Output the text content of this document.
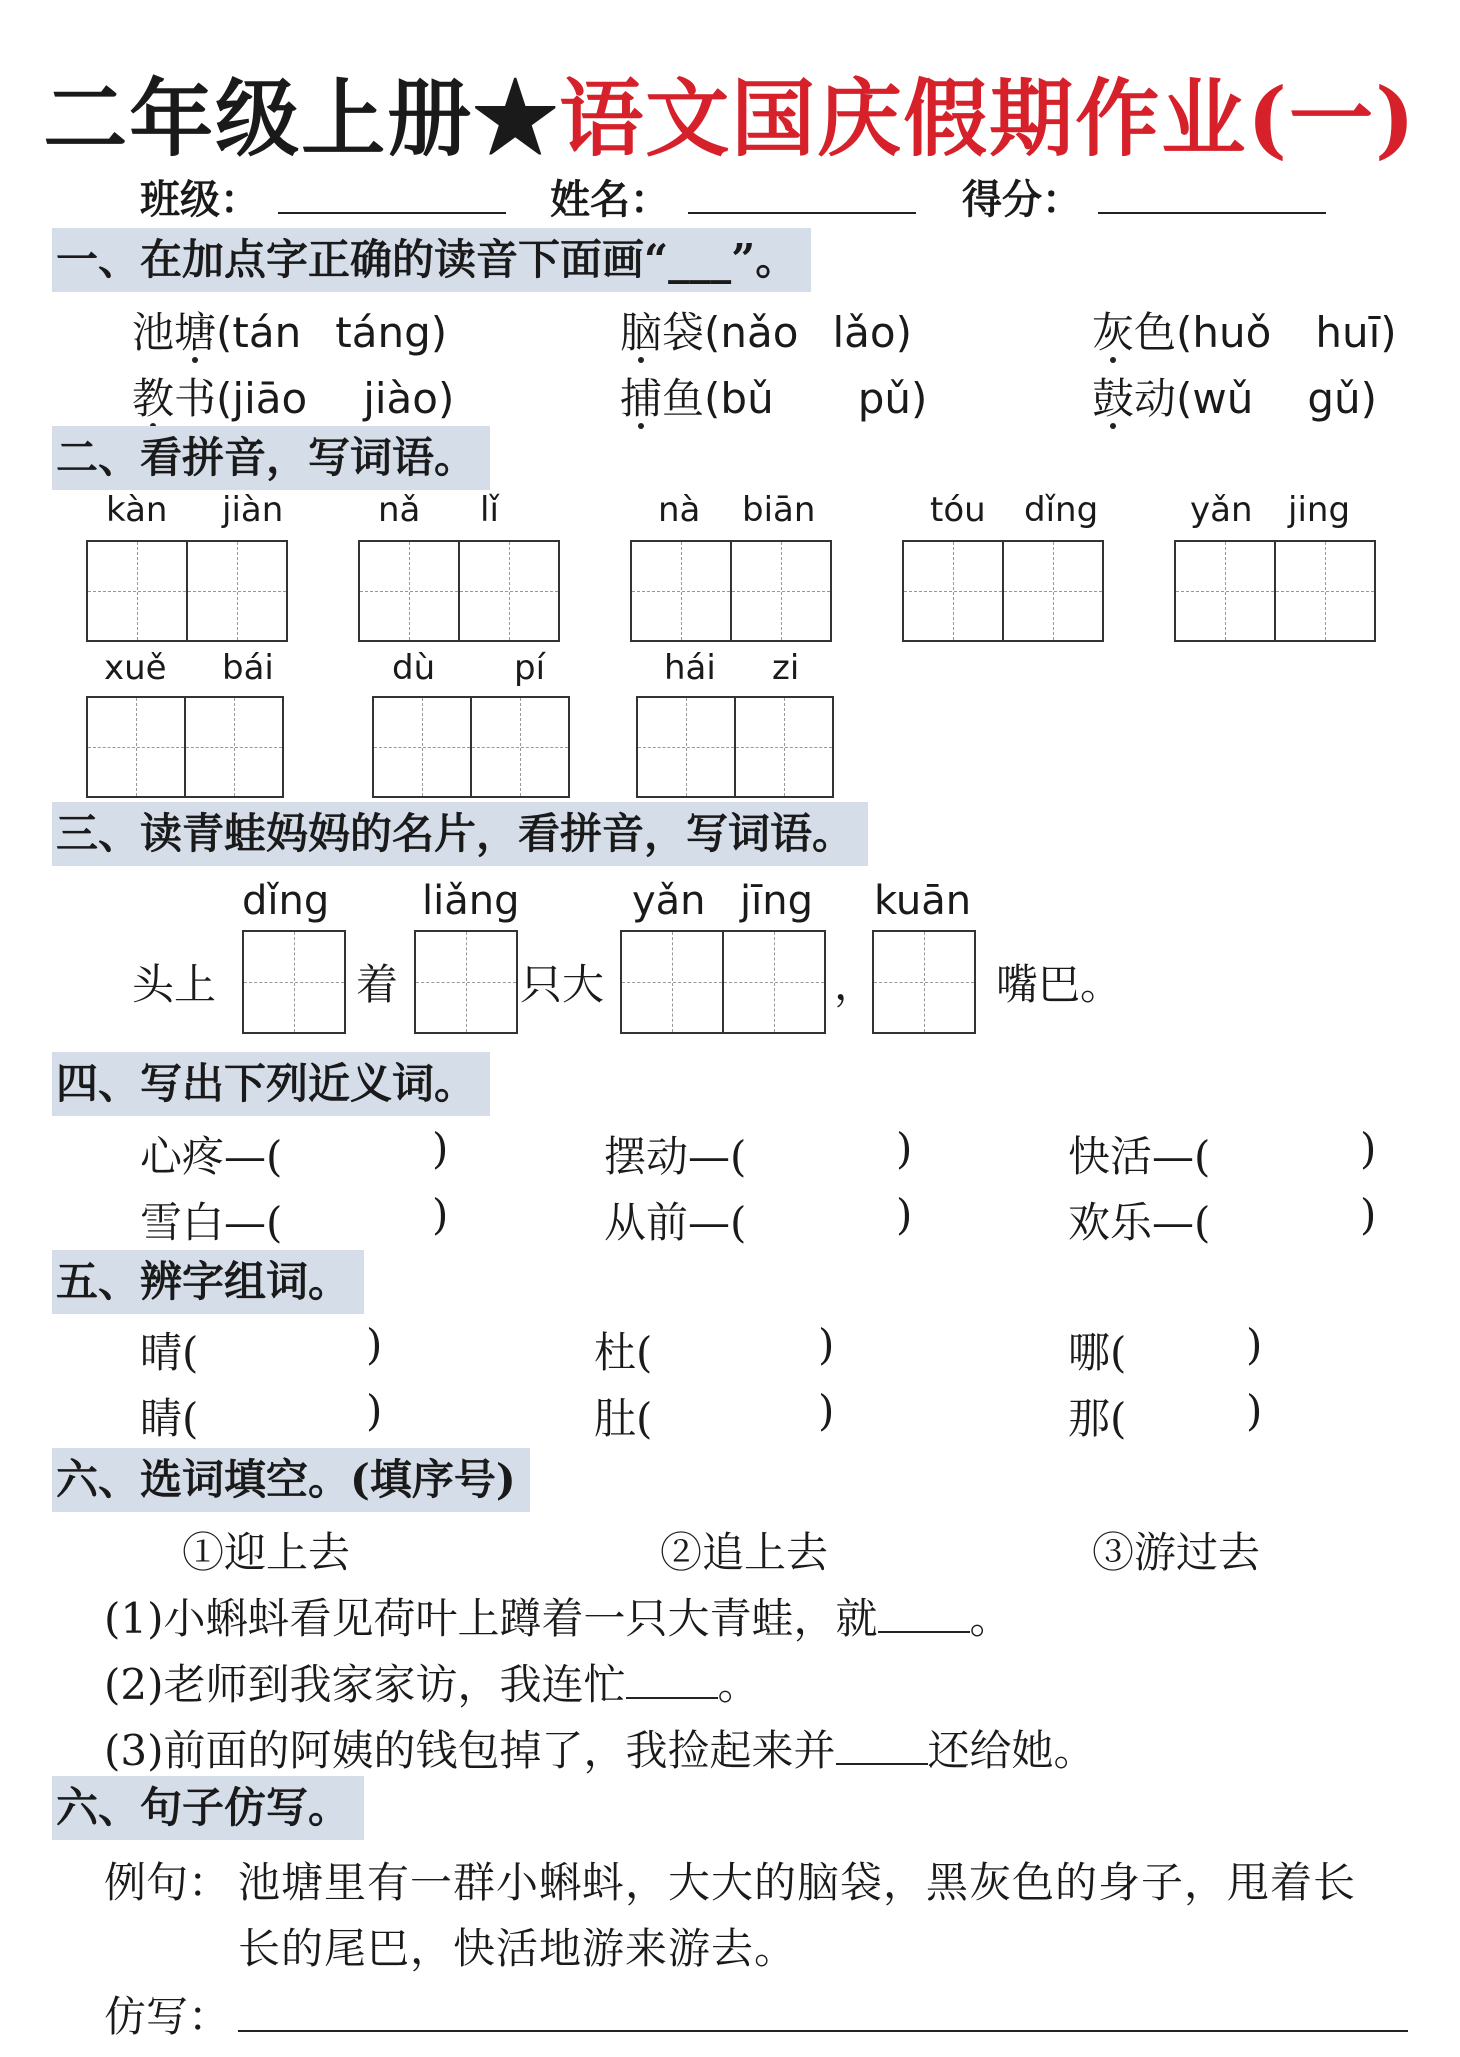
二年级上册★语文国庆假期作业(一)
班级：	姓名：	得分：
一、在加点字正确的读音下面画“___”。
池塘(tán táng)	脑袋(nǎo lǎo)	灰色(huǒ huī)
教书(jiāo jiào)	捕鱼(bǔ pǔ)	鼓动(wǔ gǔ)
二、看拼音，写词语。
kàn jiàn	nǎ lǐ	nà biān	tóu dǐng	yǎn jing
xuě bái	dù pí	hái zi
三、读青蛙妈妈的名片，看拼音，写词语。
dǐng liǎng	yǎn jīng kuān
头上	着	只大	，	嘴巴。
四、写出下列近义词。
心疼—(	)	摆动—(	)	快活—(	)
雪白—(	)	从前—(	)	欢乐—(	)
五、辨字组词。
晴(	)	杜(	)	哪(	)
睛(	)	肚(	)	那(	)
六、选词填空。(填序号)
①迎上去	②追上去	③游过去
(1)小蝌蚪看见荷叶上蹲着一只大青蛙，就 。
(2)老师到我家家访，我连忙 。
(3)前面的阿姨的钱包掉了，我捡起来并 还给她。
六、句子仿写。
例句： 池塘里有一群小蝌蚪，大大的脑袋，黑灰色的身子，甩着长
长的尾巴，快活地游来游去。
仿写：
